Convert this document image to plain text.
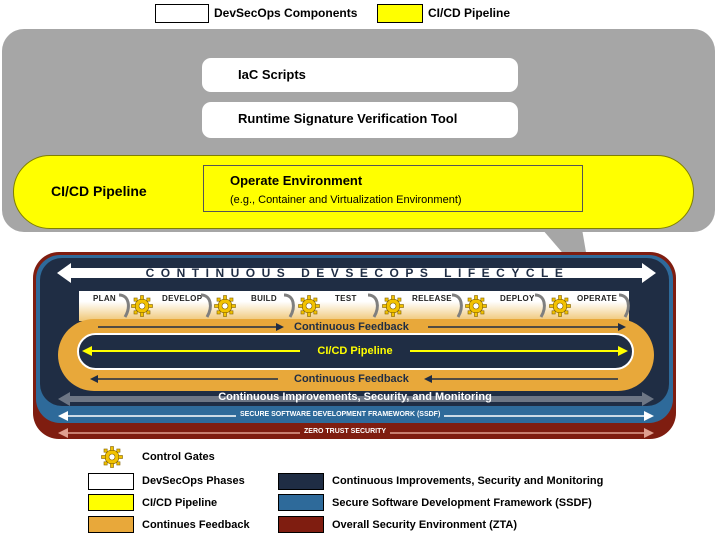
DevSecOps Components	CI/CD Pipeline
IaC Scripts
Runtime Signature Verification Tool
CI/CD Pipeline
Operate Environment
(e.g., Container and Virtualization Environment)
CONTINUOUS DEVSECOPS LIFECYCLE
PLAN	DEVELOP	BUILD	TEST	RELEASE	DEPLOY	OPERATE
Continuous Feedback
CI/CD Pipeline
Continuous Feedback
Continuous Improvements, Security, and Monitoring
SECURE SOFTWARE DEVELOPMENT FRAMEWORK (SSDF)
ZERO TRUST SECURITY
Control Gates
DevSecOps Phases
CI/CD Pipeline
Continues Feedback
Continuous Improvements, Security and Monitoring
Secure Software Development Framework (SSDF)
Overall Security Environment (ZTA)
